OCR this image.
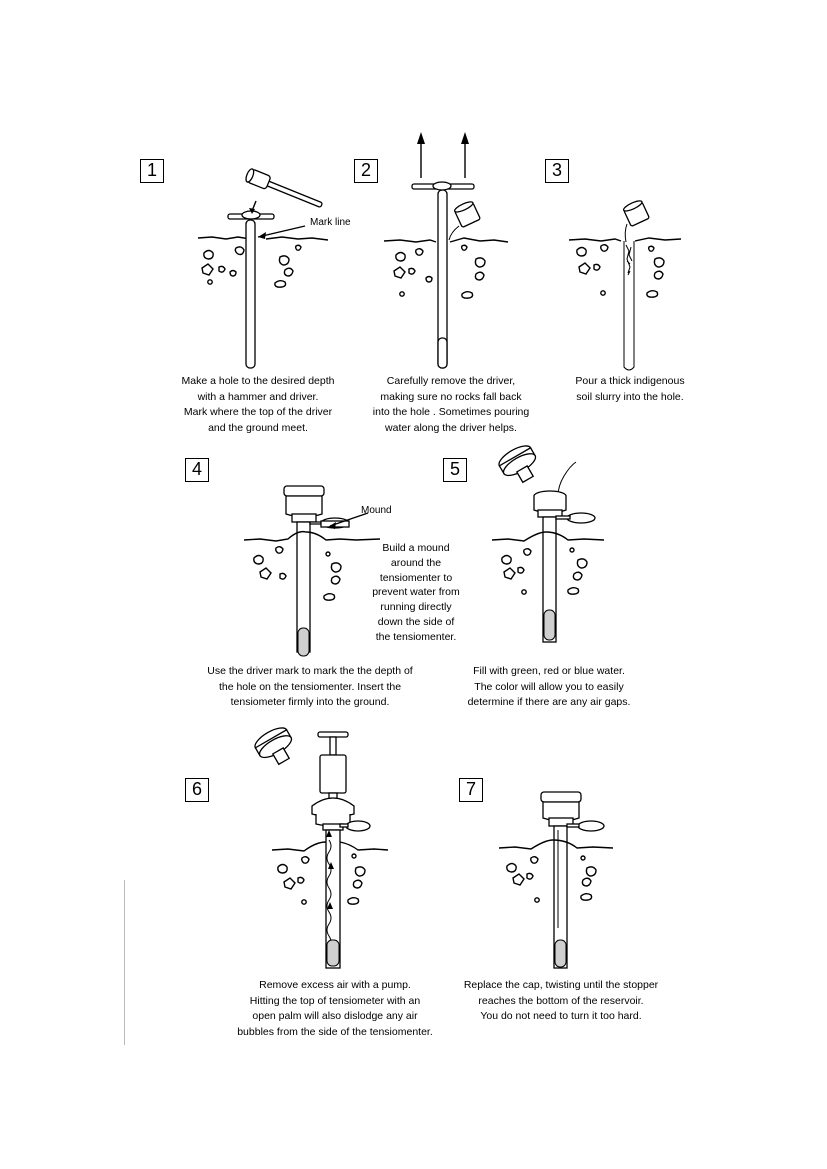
1
Mark line
Make a hole to the desired depth
with a hammer and driver.
Mark where the top of the driver
and the ground meet.
2
Carefully remove the driver,
making sure no rocks fall back
into the hole . Sometimes pouring
water along the driver helps.
3
Pour a thick indigenous
soil slurry into the hole.
4
Mound
Build a mound
around the
tensiomenter to
prevent water from
running directly
down the side of
the tensiomenter.
Use the driver mark to mark the the depth of
the hole on the tensiomenter. Insert the
tensiometer firmly into the ground.
5
Fill with green, red or blue water.
The color will allow you to easily
determine if there are any air gaps.
6
Remove excess air with a pump.
Hitting the top of tensiometer with an
open palm will also dislodge any air
bubbles from the side of the tensiomenter.
7
Replace the cap, twisting until the stopper
reaches the bottom of the reservoir.
You do not need to turn it too hard.
